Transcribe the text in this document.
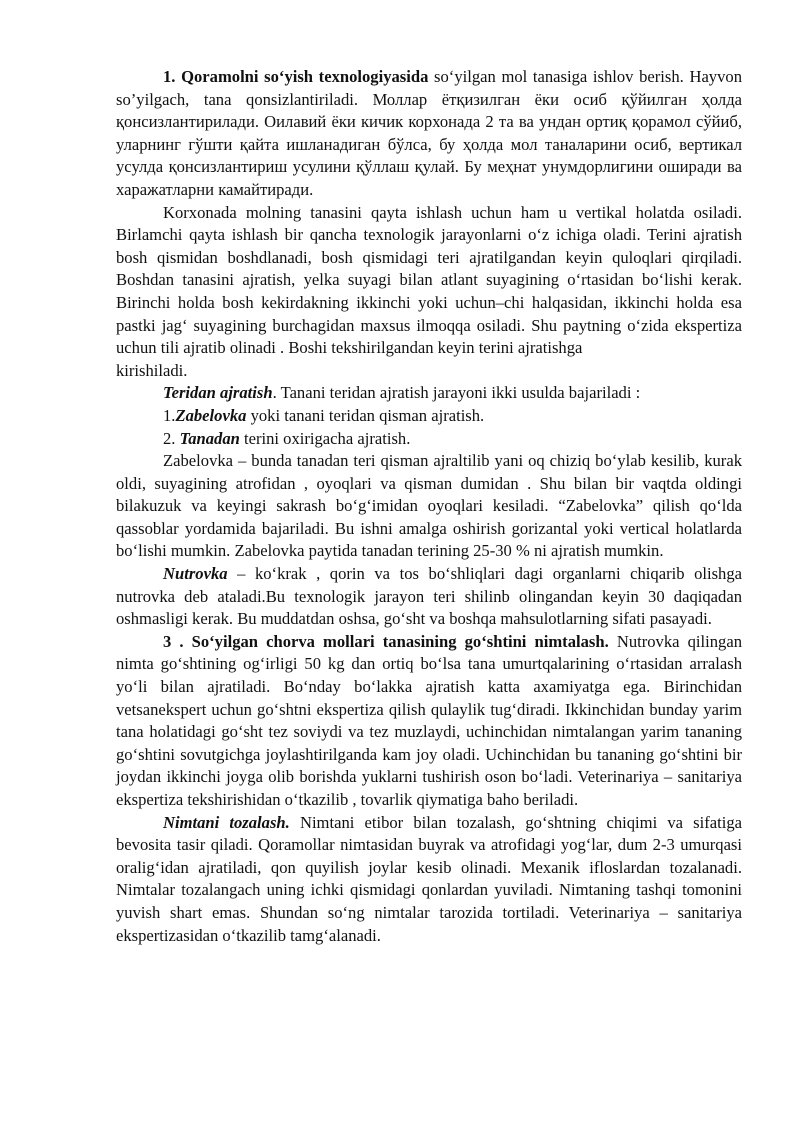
1. Qoramolni so‘yish texnologiyasida so‘yilgan mol tanasiga ishlov berish. Hayvon so’yilgach, tana qonsizlantiriladi. Моллар ётқизилган ёки осиб қўйилган ҳолда қонсизлантирилади. Оилавий ёки кичик корхонада 2 та ва ундан ортиқ қорамол сўйиб, уларнинг гўшти қайта ишланадиган бўлса, бу ҳолда мол таналарини осиб, вертикал усулда қонсизлантириш усулини қўллаш қулай. Бу меҳнат унумдорлигини оширади ва харажатларни камайтиради.

Korxonada molning tanasini qayta ishlash uchun ham u vertikal holatda osiladi. Birlamchi qayta ishlash bir qancha texnologik jarayonlarni o‘z ichiga oladi. Terini ajratish bosh qismidan boshdlanadi, bosh qismidagi teri ajratilgandan keyin quloqlari qirqiladi. Boshdan tanasini ajratish, yelka suyagi bilan atlant suyagining o‘rtasidan bo‘lishi kerak. Birinchi holda bosh kekirdakning ikkinchi yoki uchun–chi halqasidan, ikkinchi holda esa pastki jag‘ suyagining burchagidan maxsus ilmoqqa osiladi. Shu paytning o‘zida ekspertiza uchun tili ajratib olinadi . Boshi tekshirilgandan keyin terini ajratishga

kirishiladi.

Teridan ajratish. Tanani teridan ajratish jarayoni ikki usulda bajariladi :

1.Zabelovka yoki tanani teridan qisman ajratish.

2. Tanadan terini oxirigacha ajratish.

Zabelovka – bunda tanadan teri qisman ajraltilib yani oq chiziq bo‘ylab kesilib, kurak oldi, suyagining atrofidan , oyoqlari va qisman dumidan . Shu bilan bir vaqtda oldingi bilakuzuk va keyingi sakrash bo‘g‘imidan oyoqlari kesiladi. “Zabelovka” qilish qo‘lda qassoblar yordamida bajariladi. Bu ishni amalga oshirish gorizantal yoki vertical holatlarda bo‘lishi mumkin. Zabelovka paytida tanadan terining 25-30 % ni ajratish mumkin.

Nutrovka – ko‘krak , qorin va tos bo‘shliqlari dagi organlarni chiqarib olishga nutrovka deb ataladi.Bu texnologik jarayon teri shilinb olingandan keyin 30 daqiqadan oshmasligi kerak. Bu muddatdan oshsa, go‘sht va boshqa mahsulotlarning sifati pasayadi.

3 . So‘yilgan chorva mollari tanasining go‘shtini nimtalash. Nutrovka qilingan nimta go‘shtining og‘irligi 50 kg dan ortiq bo‘lsa tana umurtqalarining o‘rtasidan arralash yo‘li bilan ajratiladi. Bo‘nday bo‘lakka ajratish katta axamiyatga ega. Birinchidan vetsanekspert uchun go‘shtni ekspertiza qilish qulaylik tug‘diradi. Ikkinchidan bunday yarim tana holatidagi go‘sht tez soviydi va tez muzlaydi, uchinchidan nimtalangan yarim tananing go‘shtini sovutgichga joylashtirilganda kam joy oladi. Uchinchidan bu tananing go‘shtini bir joydan ikkinchi joyga olib borishda yuklarni tushirish oson bo‘ladi. Veterinariya – sanitariya ekspertiza tekshirishidan o‘tkazilib , tovarlik qiymatiga baho beriladi.

Nimtani tozalash. Nimtani etibor bilan tozalash, go‘shtning chiqimi va sifatiga bevosita tasir qiladi. Qoramollar nimtasidan buyrak va atrofidagi yog‘lar, dum 2-3 umurqasi oralig‘idan ajratiladi, qon quyilish joylar kesib olinadi. Mexanik ifloslardan tozalanadi. Nimtalar tozalangach uning ichki qismidagi qonlardan yuviladi. Nimtaning tashqi tomonini yuvish shart emas. Shundan so‘ng nimtalar tarozida tortiladi. Veterinariya – sanitariya ekspertizasidan o‘tkazilib tamg‘alanadi.
